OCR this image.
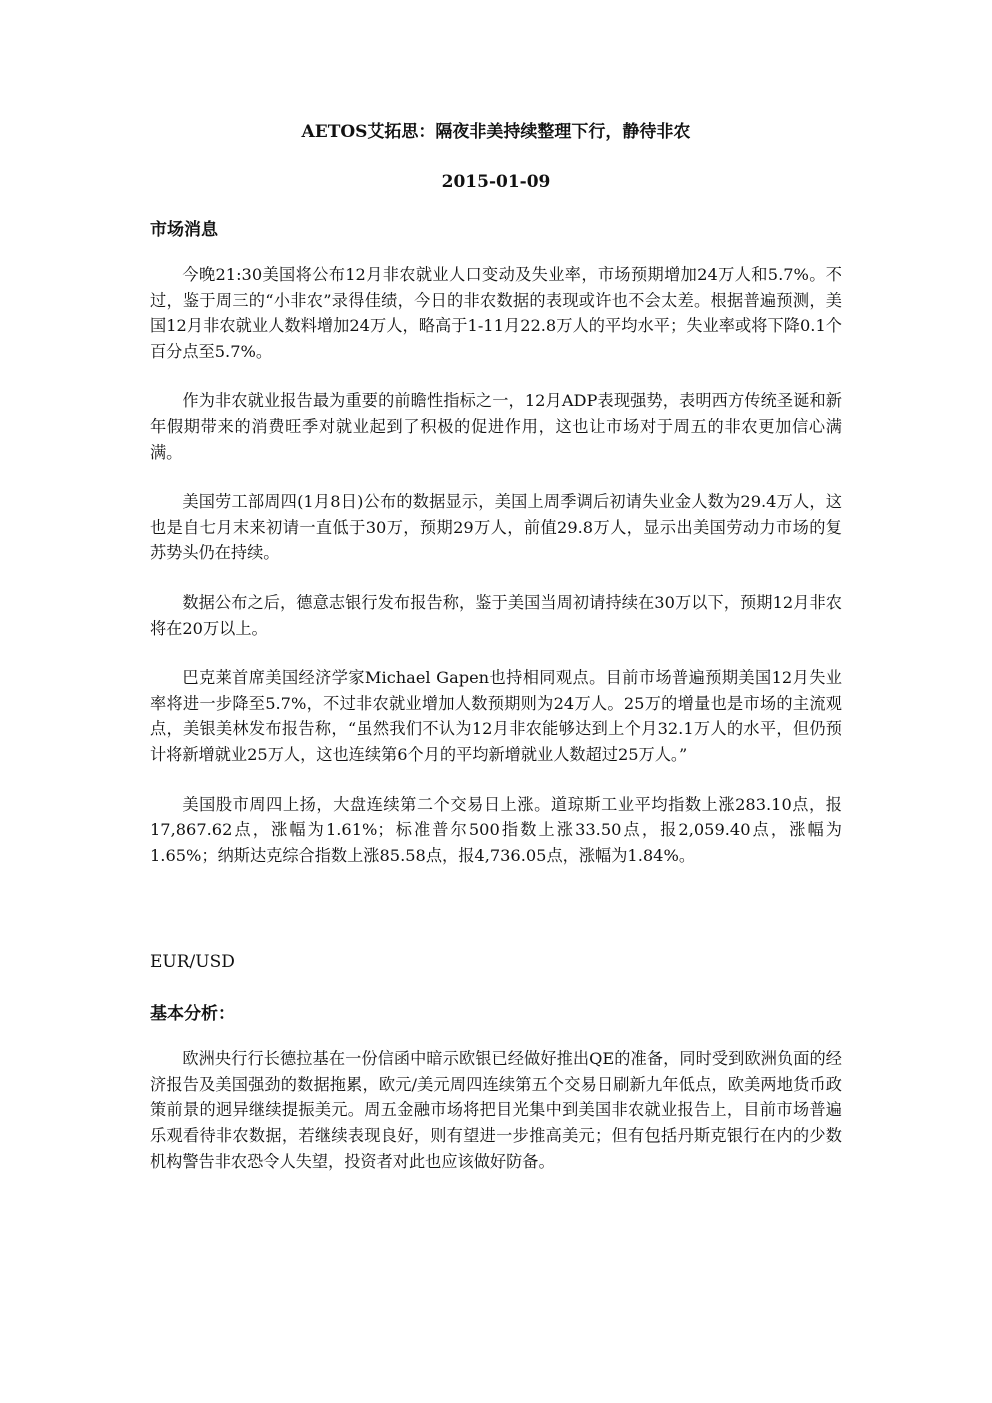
AETOS艾拓思：隔夜非美持续整理下行，静待非农
2015-01-09
市场消息

今晚21:30美国将公布12月非农就业人口变动及失业率，市场预期增加24万人和5.7%。不过，鉴于周三的“小非农”录得佳绩，今日的非农数据的表现或许也不会太差。根据普遍预测，美国12月非农就业人数料增加24万人，略高于1-11月22.8万人的平均水平；失业率或将下降0.1个百分点至5.7%。

作为非农就业报告最为重要的前瞻性指标之一，12月ADP表现强势，表明西方传统圣诞和新年假期带来的消费旺季对就业起到了积极的促进作用，这也让市场对于周五的非农更加信心满满。

美国劳工部周四(1月8日)公布的数据显示，美国上周季调后初请失业金人数为29.4万人，这也是自七月末来初请一直低于30万，预期29万人，前值29.8万人，显示出美国劳动力市场的复苏势头仍在持续。

数据公布之后，德意志银行发布报告称，鉴于美国当周初请持续在30万以下，预期12月非农将在20万以上。

巴克莱首席美国经济学家Michael Gapen也持相同观点。目前市场普遍预期美国12月失业率将进一步降至5.7%，不过非农就业增加人数预期则为24万人。25万的增量也是市场的主流观点，美银美林发布报告称，“虽然我们不认为12月非农能够达到上个月32.1万人的水平，但仍预计将新增就业25万人，这也连续第6个月的平均新增就业人数超过25万人。”

美国股市周四上扬，大盘连续第二个交易日上涨。道琼斯工业平均指数上涨283.10点，报17,867.62点，涨幅为1.61%；标准普尔500指数上涨33.50点，报2,059.40点，涨幅为1.65%；纳斯达克综合指数上涨85.58点，报4,736.05点，涨幅为1.84%。

EUR/USD
基本分析：

欧洲央行行长德拉基在一份信函中暗示欧银已经做好推出QE的准备，同时受到欧洲负面的经济报告及美国强劲的数据拖累，欧元/美元周四连续第五个交易日刷新九年低点，欧美两地货币政策前景的迥异继续提振美元。周五金融市场将把目光集中到美国非农就业报告上，目前市场普遍乐观看待非农数据，若继续表现良好，则有望进一步推高美元；但有包括丹斯克银行在内的少数机构警告非农恐令人失望，投资者对此也应该做好防备。
